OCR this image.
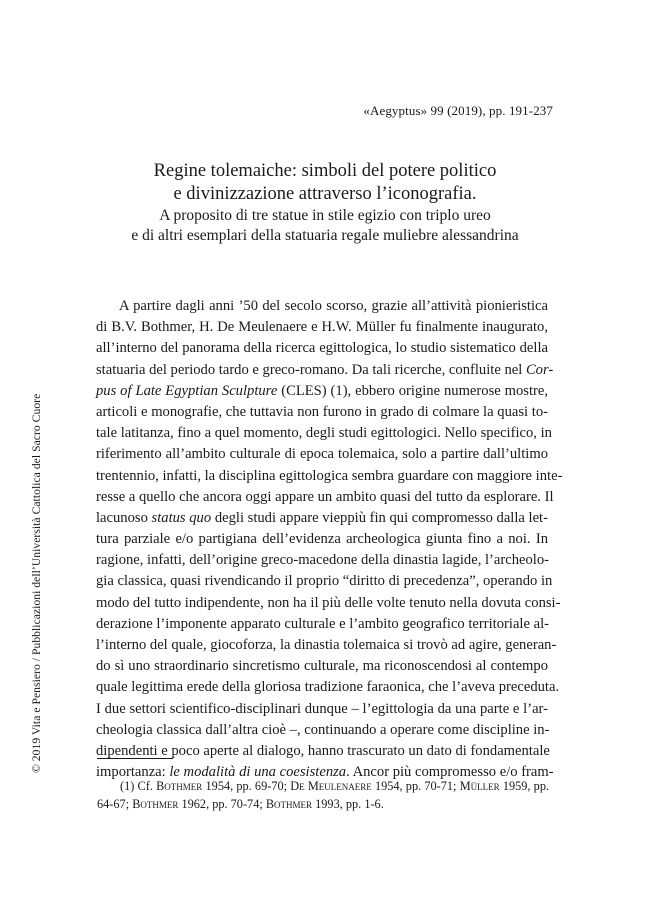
«Aegyptus» 99 (2019), pp. 191-237
Regine tolemaiche: simboli del potere politico
e divinizzazione attraverso l’iconografia.
A proposito di tre statue in stile egizio con triplo ureo
e di altri esemplari della statuaria regale muliebre alessandrina
A partire dagli anni ’50 del secolo scorso, grazie all’attività pionieristica
di B.V. Bothmer, H. De Meulenaere e H.W. Müller fu finalmente inaugurato,
all’interno del panorama della ricerca egittologica, lo studio sistematico della
statuaria del periodo tardo e greco-romano. Da tali ricerche, confluite nel Cor-
pus of Late Egyptian Sculpture (CLES) (1), ebbero origine numerose mostre,
articoli e monografie, che tuttavia non furono in grado di colmare la quasi to-
tale latitanza, fino a quel momento, degli studi egittologici. Nello specifico, in
riferimento all’ambito culturale di epoca tolemaica, solo a partire dall’ultimo
trentennio, infatti, la disciplina egittologica sembra guardare con maggiore inte-
resse a quello che ancora oggi appare un ambito quasi del tutto da esplorare. Il
lacunoso status quo degli studi appare vieppiù fin qui compromesso dalla let-
tura parziale e/o partigiana dell’evidenza archeologica giunta fino a noi. In
ragione, infatti, dell’origine greco-macedone della dinastia lagide, l’archeolo-
gia classica, quasi rivendicando il proprio “diritto di precedenza”, operando in
modo del tutto indipendente, non ha il più delle volte tenuto nella dovuta consi-
derazione l’imponente apparato culturale e l’ambito geografico territoriale al-
l’interno del quale, giocoforza, la dinastia tolemaica si trovò ad agire, generan-
do sì uno straordinario sincretismo culturale, ma riconoscendosi al contempo
quale legittima erede della gloriosa tradizione faraonica, che l’aveva preceduta.
I due settori scientifico-disciplinari dunque – l’egittologia da una parte e l’ar-
cheologia classica dall’altra cioè –, continuando a operare come discipline in-
dipendenti e poco aperte al dialogo, hanno trascurato un dato di fondamentale
importanza: le modalità di una coesistenza. Ancor più compromesso e/o fram-
(1) Cf. Bothmer 1954, pp. 69-70; De Meulenaere 1954, pp. 70-71; Müller 1959, pp.
64-67; Bothmer 1962, pp. 70-74; Bothmer 1993, pp. 1-6.
© 2019 Vita e Pensiero / Pubblicazioni dell’Università Cattolica del Sacro Cuore
